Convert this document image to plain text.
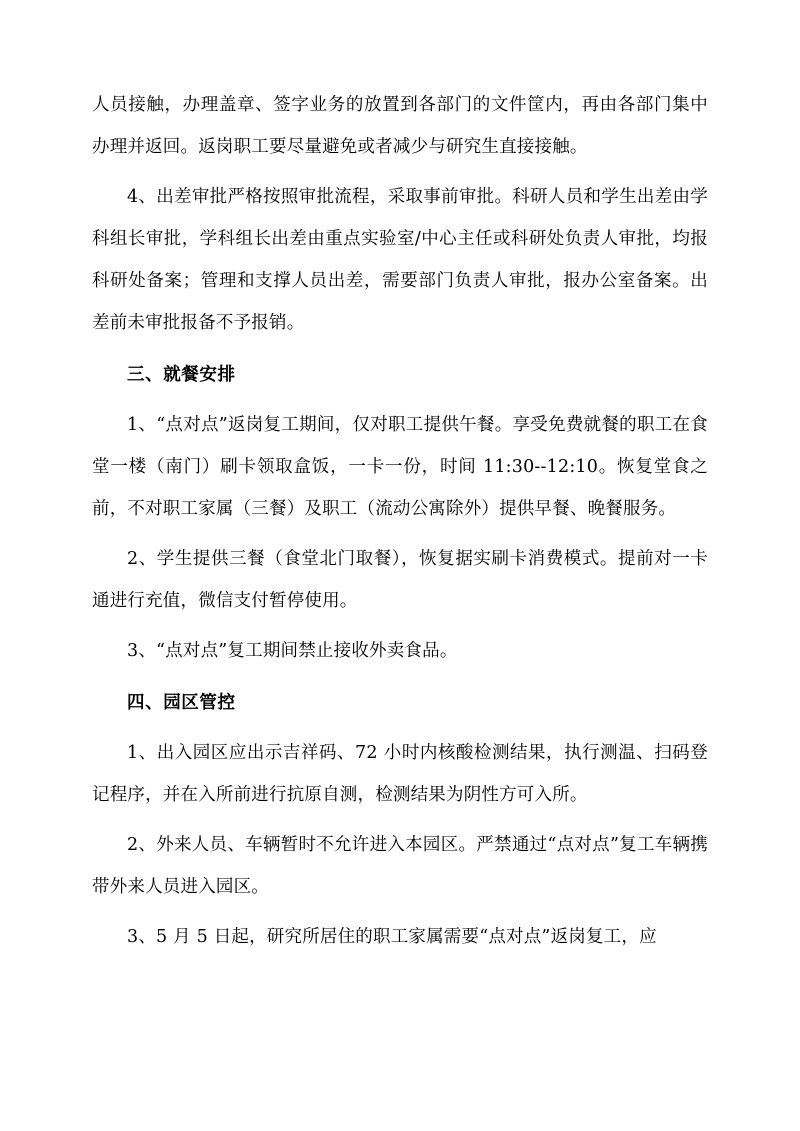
人员接触，办理盖章、签字业务的放置到各部门的文件筐内，再由各部门集中办理并返回。返岗职工要尽量避免或者减少与研究生直接接触。

4、出差审批严格按照审批流程，采取事前审批。科研人员和学生出差由学科组长审批，学科组长出差由重点实验室/中心主任或科研处负责人审批，均报科研处备案；管理和支撑人员出差，需要部门负责人审批，报办公室备案。出差前未审批报备不予报销。

三、就餐安排

1、“点对点”返岗复工期间，仅对职工提供午餐。享受免费就餐的职工在食堂一楼（南门）刷卡领取盒饭，一卡一份，时间 11:30--12:10。恢复堂食之前，不对职工家属（三餐）及职工（流动公寓除外）提供早餐、晚餐服务。

2、学生提供三餐（食堂北门取餐），恢复据实刷卡消费模式。提前对一卡通进行充值，微信支付暂停使用。

3、“点对点”复工期间禁止接收外卖食品。

四、园区管控

1、出入园区应出示吉祥码、72 小时内核酸检测结果，执行测温、扫码登记程序，并在入所前进行抗原自测，检测结果为阴性方可入所。

2、外来人员、车辆暂时不允许进入本园区。严禁通过“点对点”复工车辆携带外来人员进入园区。

3、5 月 5 日起，研究所居住的职工家属需要“点对点”返岗复工，应
